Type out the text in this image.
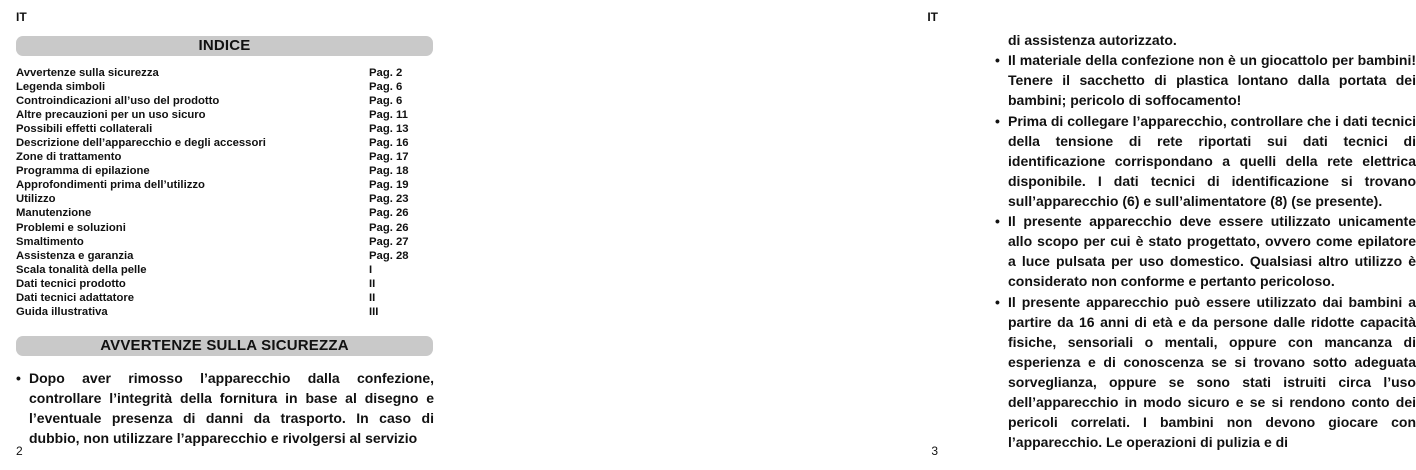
IT
INDICE
Avvertenze sulla sicurezza	Pag. 2
Legenda simboli	Pag. 6
Controindicazioni all’uso del prodotto	Pag. 6
Altre precauzioni per un uso sicuro	Pag. 11
Possibili effetti collaterali	Pag. 13
Descrizione dell’apparecchio e degli accessori	Pag. 16
Zone di trattamento	Pag. 17
Programma di epilazione	Pag. 18
Approfondimenti prima dell’utilizzo	Pag. 19
Utilizzo	Pag. 23
Manutenzione	Pag. 26
Problemi e soluzioni	Pag. 26
Smaltimento	Pag. 27
Assistenza e garanzia	Pag. 28
Scala tonalità della pelle	I
Dati tecnici prodotto	II
Dati tecnici adattatore	II
Guida illustrativa	III
AVVERTENZE SULLA SICUREZZA
• Dopo aver rimosso l’apparecchio dalla confezione, controllare l’integrità della fornitura in base al disegno e l’eventuale presenza di danni da trasporto. In caso di dubbio, non utilizzare l’apparecchio e rivolgersi al servizio
2
IT
di assistenza autorizzato.
• Il materiale della confezione non è un giocattolo per bambini! Tenere il sacchetto di plastica lontano dalla portata dei bambini; pericolo di soffocamento!
• Prima di collegare l’apparecchio, controllare che i dati tecnici della tensione di rete riportati sui dati tecnici di identificazione corrispondano a quelli della rete elettrica disponibile. I dati tecnici di identificazione si trovano sull’apparecchio (6) e sull’alimentatore (8) (se presente).
• Il presente apparecchio deve essere utilizzato unicamente allo scopo per cui è stato progettato, ovvero come epilatore a luce pulsata per uso domestico. Qualsiasi altro utilizzo è considerato non conforme e pertanto pericoloso.
• Il presente apparecchio può essere utilizzato dai bambini a partire da 16 anni di età e da persone dalle ridotte capacità fisiche, sensoriali o mentali, oppure con mancanza di esperienza e di conoscenza se si trovano sotto adeguata sorveglianza, oppure se sono stati istruiti circa l’uso dell’apparecchio in modo sicuro e se si rendono conto dei pericoli correlati. I bambini non devono giocare con l’apparecchio. Le operazioni di pulizia e di
3
